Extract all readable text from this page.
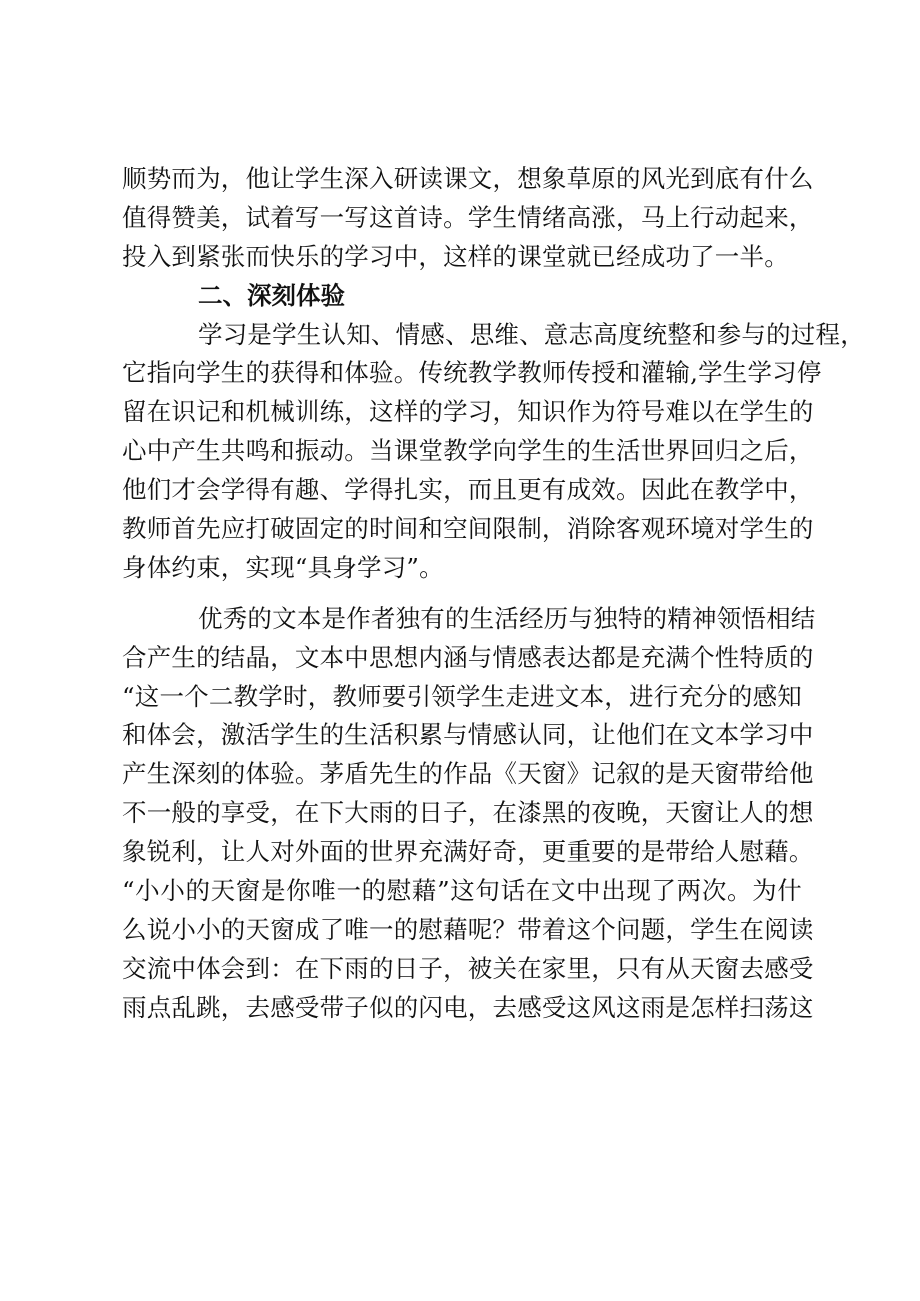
顺势而为，他让学生深入研读课文，想象草原的风光到底有什么
值得赞美，试着写一写这首诗。学生情绪高涨，马上行动起来，
投入到紧张而快乐的学习中，这样的课堂就已经成功了一半。
二、深刻体验
学习是学生认知、情感、思维、意志高度统整和参与的过程，
它指向学生的获得和体验。传统教学教师传授和灌输,学生学习停
留在识记和机械训练，这样的学习，知识作为符号难以在学生的
心中产生共鸣和振动。当课堂教学向学生的生活世界回归之后，
他们才会学得有趣、学得扎实，而且更有成效。因此在教学中，
教师首先应打破固定的时间和空间限制，消除客观环境对学生的
身体约束，实现“具身学习”。
优秀的文本是作者独有的生活经历与独特的精神领悟相结
合产生的结晶，文本中思想内涵与情感表达都是充满个性特质的
“这一个二教学时，教师要引领学生走进文本，进行充分的感知
和体会，激活学生的生活积累与情感认同，让他们在文本学习中
产生深刻的体验。茅盾先生的作品《天窗》记叙的是天窗带给他
不一般的享受，在下大雨的日子，在漆黑的夜晚，天窗让人的想
象锐利，让人对外面的世界充满好奇，更重要的是带给人慰藉。
“小小的天窗是你唯一的慰藉”这句话在文中出现了两次。为什
么说小小的天窗成了唯一的慰藉呢？带着这个问题，学生在阅读
交流中体会到：在下雨的日子，被关在家里，只有从天窗去感受
雨点乱跳，去感受带子似的闪电，去感受这风这雨是怎样扫荡这
